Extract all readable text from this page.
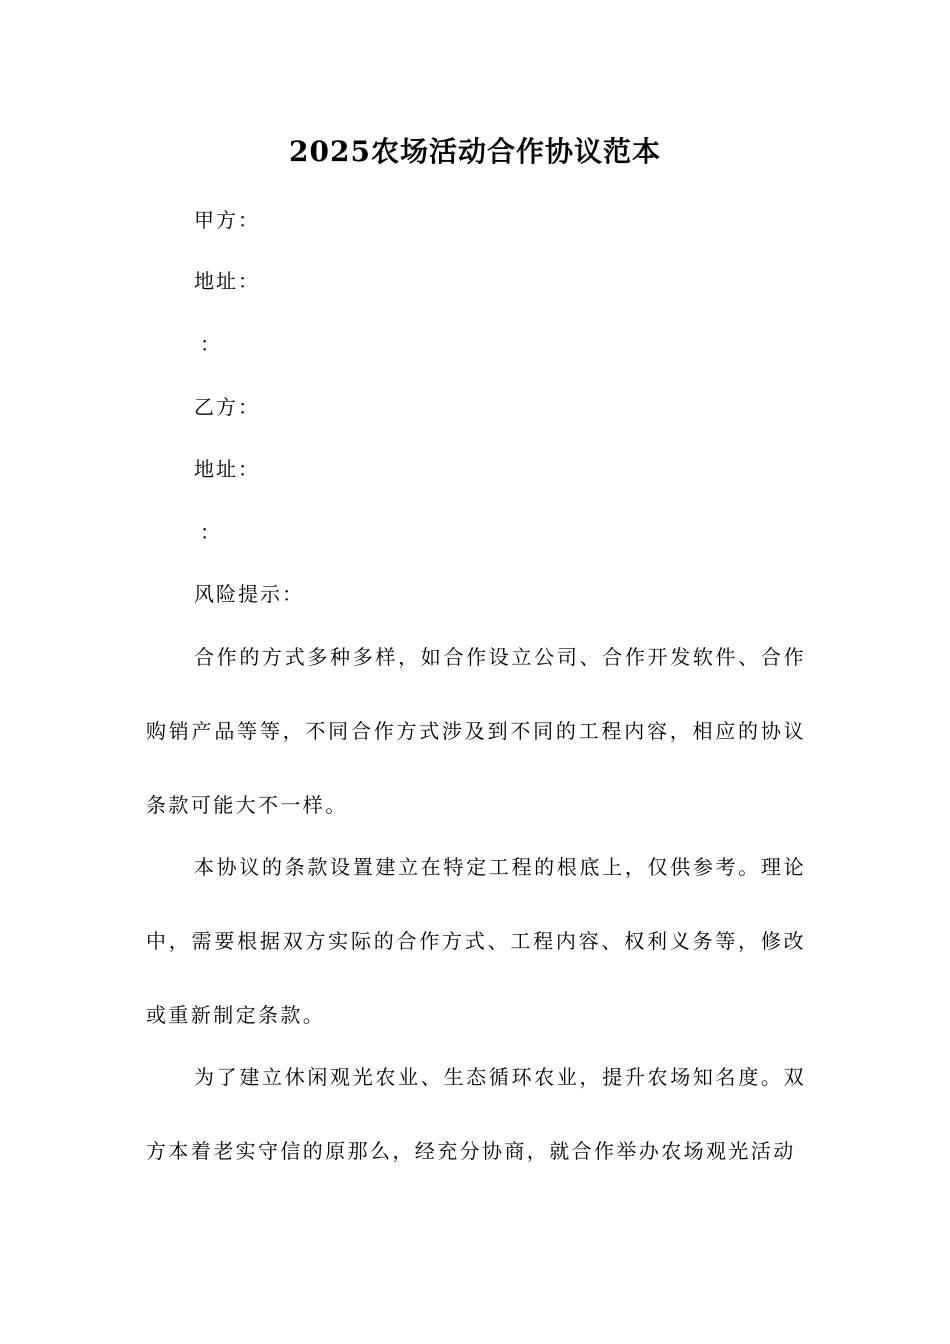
2025农场活动合作协议范本
甲方：
地址：
：
乙方：
地址：
：
风险提示：

合作的方式多种多样，如合作设立公司、合作开发软件、合作购销产品等等，不同合作方式涉及到不同的工程内容，相应的协议条款可能大不一样。

本协议的条款设置建立在特定工程的根底上，仅供参考。理论中，需要根据双方实际的合作方式、工程内容、权利义务等，修改或重新制定条款。

为了建立休闲观光农业、生态循环农业，提升农场知名度。双方本着老实守信的原那么，经充分协商，就合作举办农场观光活动
